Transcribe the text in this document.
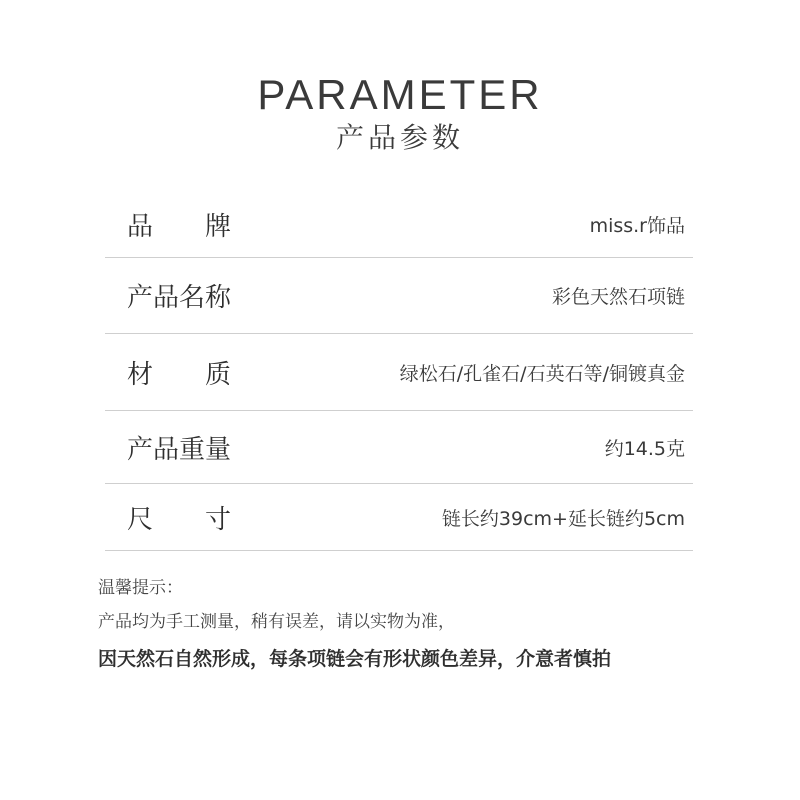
PARAMETER
产品参数
品　　牌	miss.r饰品
产品名称	彩色天然石项链
材　　质	绿松石/孔雀石/石英石等/铜镀真金
产品重量	约14.5克
尺　　寸	链长约39cm+延长链约5cm
温馨提示：
产品均为手工测量，稍有误差，请以实物为准，
因天然石自然形成，每条项链会有形状颜色差异，介意者慎拍
